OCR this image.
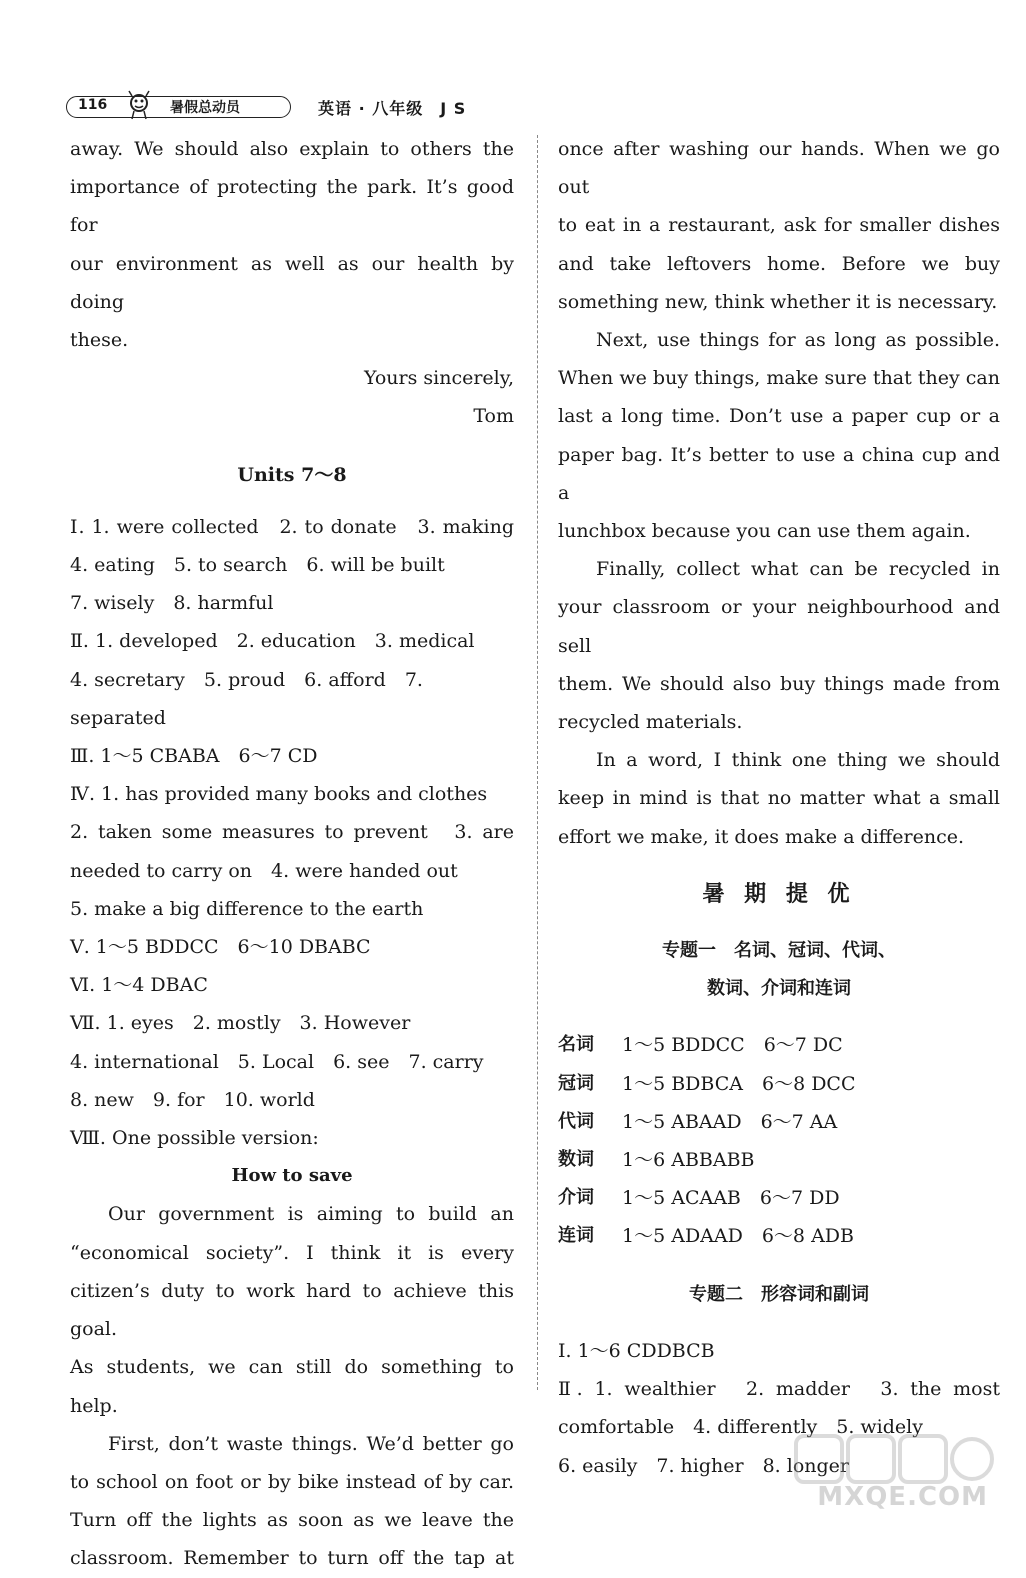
116	暑假总动员	英语 · 八年级　J S

away. We should also explain to others the

importance of protecting the park. It’s good for

our environment as well as our health by doing

these.

Yours sincerely,

Tom

Units 7～8

Ⅰ. 1. were collected　2. to donate　3. making

4. eating　5. to search　6. will be built

7. wisely　8. harmful

Ⅱ. 1. developed　2. education　3. medical

4. secretary　5. proud　6. afford　7. separated

Ⅲ. 1～5 CBABA　6～7 CD

Ⅳ. 1. has provided many books and clothes

2. taken some measures to prevent　3. are

needed to carry on　4. were handed out

5. make a big difference to the earth

Ⅴ. 1～5 BDDCC　6～10 DBABC

Ⅵ. 1～4 DBAC

Ⅶ. 1. eyes　2. mostly　3. However

4. international　5. Local　6. see　7. carry

8. new　9. for　10. world

Ⅷ. One possible version:

How to save

Our government is aiming to build an

“economical society”. I think it is every

citizen’s duty to work hard to achieve this goal.

As students, we can still do something to help.

First, don’t waste things. We’d better go

to school on foot or by bike instead of by car.

Turn off the lights as soon as we leave the

classroom. Remember to turn off the tap at

once after washing our hands. When we go out

to eat in a restaurant, ask for smaller dishes

and take leftovers home. Before we buy

something new, think whether it is necessary.

Next, use things for as long as possible.

When we buy things, make sure that they can

last a long time. Don’t use a paper cup or a

paper bag. It’s better to use a china cup and a

lunchbox because you can use them again.

Finally, collect what can be recycled in

your classroom or your neighbourhood and sell

them. We should also buy things made from

recycled materials.

In a word, I think one thing we should

keep in mind is that no matter what a small

effort we make, it does make a difference.

暑 期 提 优

专题一　名词、冠词、代词、

数词、介词和连词

名词	1～5 BDDCC　6～7 DC
冠词	1～5 BDBCA　6～8 DCC
代词	1～5 ABAAD　6～7 AA
数词	1～6 ABBABB
介词	1～5 ACAAB　6～7 DD
连词	1～5 ADAAD　6～8 ADB

专题二　形容词和副词

Ⅰ. 1～6 CDDBCB

Ⅱ. 1. wealthier　2. madder　3. the most

comfortable　4. differently　5. widely

6. easily　7. higher　8. longer

MXQE.COM
